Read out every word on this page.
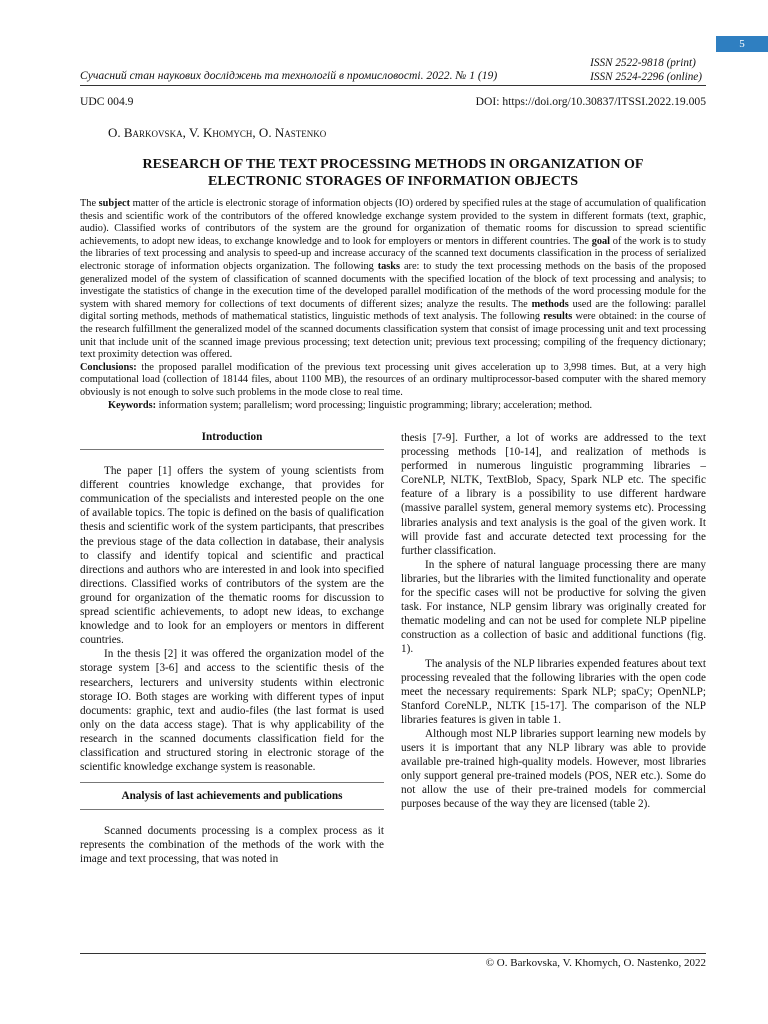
5
ISSN 2522-9818 (print)
ISSN 2524-2296 (online)
Сучасний стан наукових досліджень та технологій в промисловості. 2022. № 1 (19)
UDC 004.9	DOI: https://doi.org/10.30837/ITSSI.2022.19.005
O. Barkovska, V. Khomych, O. Nastenko
RESEARCH OF THE TEXT PROCESSING METHODS IN ORGANIZATION OF
ELECTRONIC STORAGES OF INFORMATION OBJECTS

The subject matter of the article is electronic storage of information objects (IO) ordered by specified rules at the stage of accumulation of qualification thesis and scientific work of the contributors of the offered knowledge exchange system provided to the system in different formats (text, graphic, audio). Classified works of contributors of the system are the ground for organization of thematic rooms for discussion to spread scientific achievements, to adopt new ideas, to exchange knowledge and to look for employers or mentors in different countries. The goal of the work is to study the libraries of text processing and analysis to speed-up and increase accuracy of the scanned text documents classification in the process of serialized electronic storage of information objects organization. The following tasks are: to study the text processing methods on the basis of the proposed generalized model of the system of classification of scanned documents with the specified location of the block of text processing and analysis; to investigate the statistics of change in the execution time of the developed parallel modification of the methods of the word processing module for the system with shared memory for collections of text documents of different sizes; analyze the results. The methods used are the following: parallel digital sorting methods, methods of mathematical statistics, linguistic methods of text analysis. The following results were obtained: in the course of the research fulfillment the generalized model of the scanned documents classification system that consist of image processing unit and text processing unit that include unit of the scanned image previous processing; text detection unit; previous text processing; compiling of the frequency dictionary; text proximity detection was offered.

Conclusions: the proposed parallel modification of the previous text processing unit gives acceleration up to 3,998 times. But, at a very high computational load (collection of 18144 files, about 1100 MB), the resources of an ordinary multiprocessor-based computer with the shared memory obviously is not enough to solve such problems in the mode close to real time.

Keywords: information system; parallelism; word processing; linguistic programming; library; acceleration; method.

Introduction

The paper [1] offers the system of young scientists from different countries knowledge exchange, that provides for communication of the specialists and interested people on the one of available topics. The topic is defined on the basis of qualification thesis and scientific work of the system participants, that prescribes the previous stage of the data collection in database, their analysis to classify and identify topical and scientific and practical directions and authors who are interested in and look into specified directions. Classified works of contributors of the system are the ground for organization of the thematic rooms for discussion to spread scientific achievements, to adopt new ideas, to exchange knowledge and to look for an employers or mentors in different countries.

In the thesis [2] it was offered the organization model of the storage system [3-6] and access to the scientific thesis of the researchers, lecturers and university students within electronic storage IO. Both stages are working with different types of input documents: graphic, text and audio-files (the last format is used only on the data access stage). That is why applicability of the research in the scanned documents classification field for the classification and structured storing in electronic storage of the scientific knowledge exchange system is reasonable.

Analysis of last achievements and publications

Scanned documents processing is a complex process as it represents the combination of the methods of the work with the image and text processing, that was noted in

thesis [7-9]. Further, a lot of works are addressed to the text processing methods [10-14], and realization of methods is performed in numerous linguistic programming libraries – CoreNLP, NLTK, TextBlob, Spacy, Spark NLP etc. The specific feature of a library is a possibility to use different hardware (massive parallel system, general memory systems etc). Processing libraries analysis and text analysis is the goal of the given work. It will provide fast and accurate detected text processing for the further classification.

In the sphere of natural language processing there are many libraries, but the libraries with the limited functionality and operate for the specific cases will not be productive for solving the given task. For instance, NLP gensim library was originally created for thematic modeling and can not be used for complete NLP pipeline construction as a collection of basic and additional functions (fig. 1).

The analysis of the NLP libraries expended features about text processing revealed that the following libraries with the open code meet the necessary requirements: Spark NLP; spaCy; OpenNLP; Stanford CoreNLP., NLTK [15-17]. The comparison of the NLP libraries features is given in table 1.

Although most NLP libraries support learning new models by users it is important that any NLP library was able to provide available pre-trained high-quality models. However, most libraries only support general pre-trained models (POS, NER etc.). Some do not allow the use of their pre-trained models for commercial purposes because of the way they are licensed (table 2).

© O. Barkovska, V. Khomych, O. Nastenko, 2022
